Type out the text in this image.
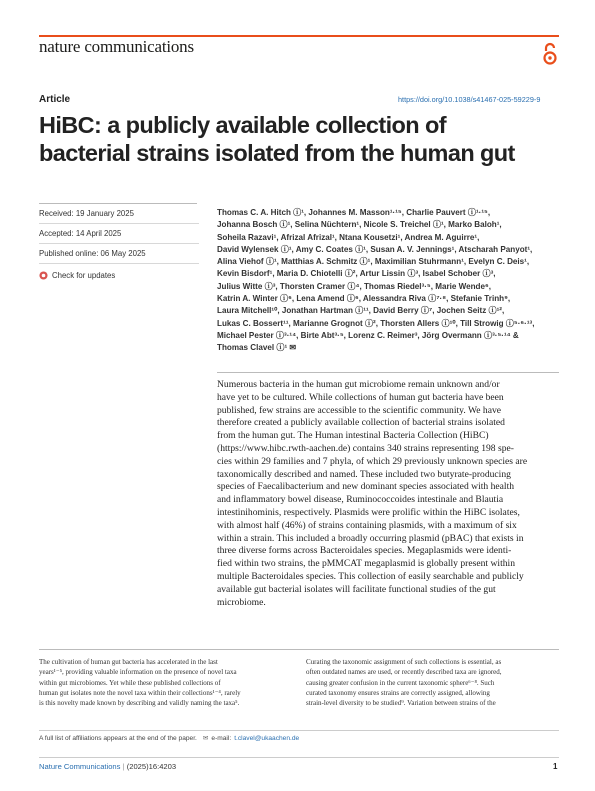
nature communications
Article	https://doi.org/10.1038/s41467-025-59229-9
HiBC: a publicly available collection of
bacterial strains isolated from the human gut
Received: 19 January 2025
Accepted: 14 April 2025
Published online: 06 May 2025
Check for updates
Thomas C. A. Hitch ⓘ¹, Johannes M. Masson¹·¹⁵, Charlie Pauvert ⓘ¹·¹⁵,
Johanna Bosch ⓘ¹, Selina Nüchtern¹, Nicole S. Treichel ⓘ¹, Marko Baloh¹,
Soheila Razavi¹, Afrizal Afrizal¹, Ntana Kousetzi¹, Andrea M. Aguirre¹,
David Wylensek ⓘ¹, Amy C. Coates ⓘ¹, Susan A. V. Jennings¹, Atscharah Panyot¹,
Alina Viehof ⓘ¹, Matthias A. Schmitz ⓘ¹, Maximilian Stuhrmann¹, Evelyn C. Deis¹,
Kevin Bisdorf¹, Maria D. Chiotelli ⓘ², Artur Lissin ⓘ³, Isabel Schober ⓘ³,
Julius Witte ⓘ³, Thorsten Cramer ⓘ⁴, Thomas Riedel³·⁵, Marie Wende⁶,
Katrin A. Winter ⓘ⁶, Lena Amend ⓘ⁶, Alessandra Riva ⓘ⁷·⁸, Stefanie Trinh⁹,
Laura Mitchell¹⁰, Jonathan Hartman ⓘ¹¹, David Berry ⓘ⁷, Jochen Seitz ⓘ¹²,
Lukas C. Bossert¹¹, Marianne Grognot ⓘ², Thorsten Allers ⓘ¹⁰, Till Strowig ⓘ⁵·⁶·¹³,
Michael Pester ⓘ³·¹⁴, Birte Abt³·⁵, Lorenz C. Reimer³, Jörg Overmann ⓘ³·⁵·¹⁴ &
Thomas Clavel ⓘ¹ ✉
Numerous bacteria in the human gut microbiome remain unknown and/or
have yet to be cultured. While collections of human gut bacteria have been
published, few strains are accessible to the scientific community. We have
therefore created a publicly available collection of bacterial strains isolated
from the human gut. The Human intestinal Bacteria Collection (HiBC)
(https://www.hibc.rwth-aachen.de) contains 340 strains representing 198 spe-
cies within 29 families and 7 phyla, of which 29 previously unknown species are
taxonomically described and named. These included two butyrate-producing
species of Faecalibacterium and new dominant species associated with health
and inflammatory bowel disease, Ruminococcoides intestinale and Blautia
intestinihominis, respectively. Plasmids were prolific within the HiBC isolates,
with almost half (46%) of strains containing plasmids, with a maximum of six
within a strain. This included a broadly occurring plasmid (pBAC) that exists in
three diverse forms across Bacteroidales species. Megaplasmids were identi-
fied within two strains, the pMMCAT megaplasmid is globally present within
multiple Bacteroidales species. This collection of easily searchable and publicly
available gut bacterial isolates will facilitate functional studies of the gut
microbiome.
The cultivation of human gut bacteria has accelerated in the last
years¹⁻⁵, providing valuable information on the presence of novel taxa
within gut microbiomes. Yet while these published collections of
human gut isolates note the novel taxa within their collections¹⁻⁴, rarely
is this novelty made known by describing and validly naming the taxa⁵.
Curating the taxonomic assignment of such collections is essential, as
often outdated names are used, or recently described taxa are ignored,
causing greater confusion in the current taxonomic sphere⁶⁻⁸. Such
curated taxonomy ensures strains are correctly assigned, allowing
strain-level diversity to be studied⁹. Variation between strains of the
A full list of affiliations appears at the end of the paper. ✉ e-mail: t.clavel@ukaachen.de
Nature Communications | (2025)16:4203	1
